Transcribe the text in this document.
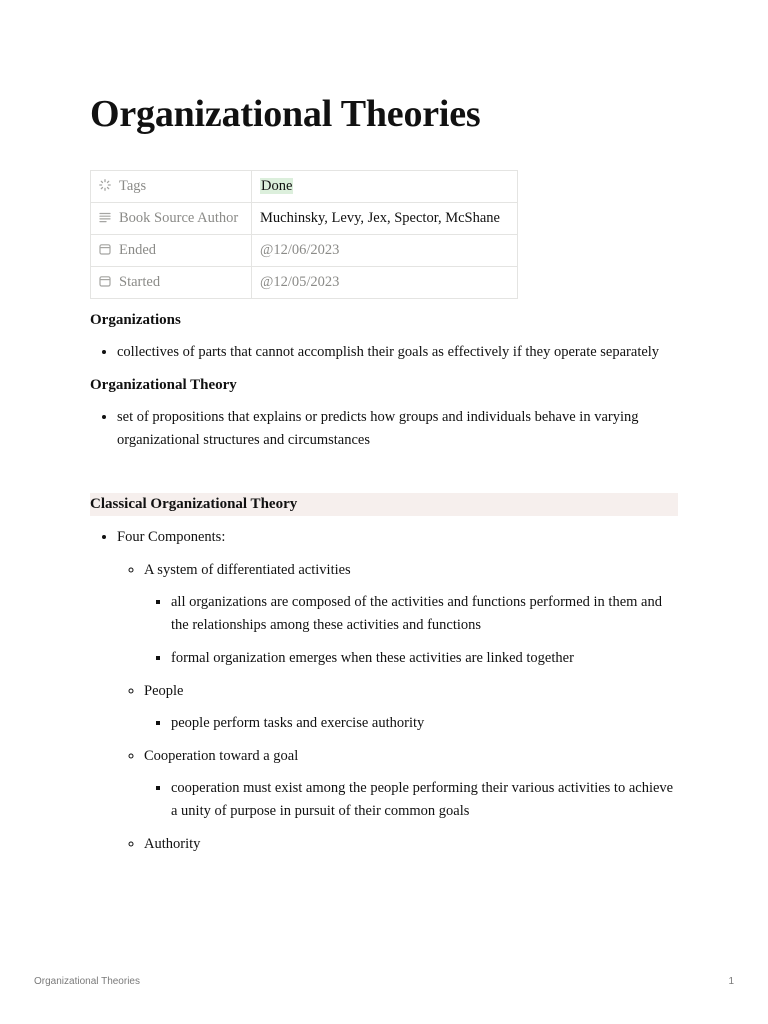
Organizational Theories
Tags	Done
Book Source Author	Muchinsky, Levy, Jex, Spector, McShane
Ended	@12/06/2023
Started	@12/05/2023
Organizations
• collectives of parts that cannot accomplish their goals as effectively if they operate separately
Organizational Theory
• set of propositions that explains or predicts how groups and individuals behave in varying organizational structures and circumstances
Classical Organizational Theory
• Four Components:
◦ A system of differentiated activities
▪ all organizations are composed of the activities and functions performed in them and the relationships among these activities and functions
▪ formal organization emerges when these activities are linked together
◦ People
▪ people perform tasks and exercise authority
◦ Cooperation toward a goal
▪ cooperation must exist among the people performing their various activities to achieve a unity of purpose in pursuit of their common goals
◦ Authority
Organizational Theories	1
